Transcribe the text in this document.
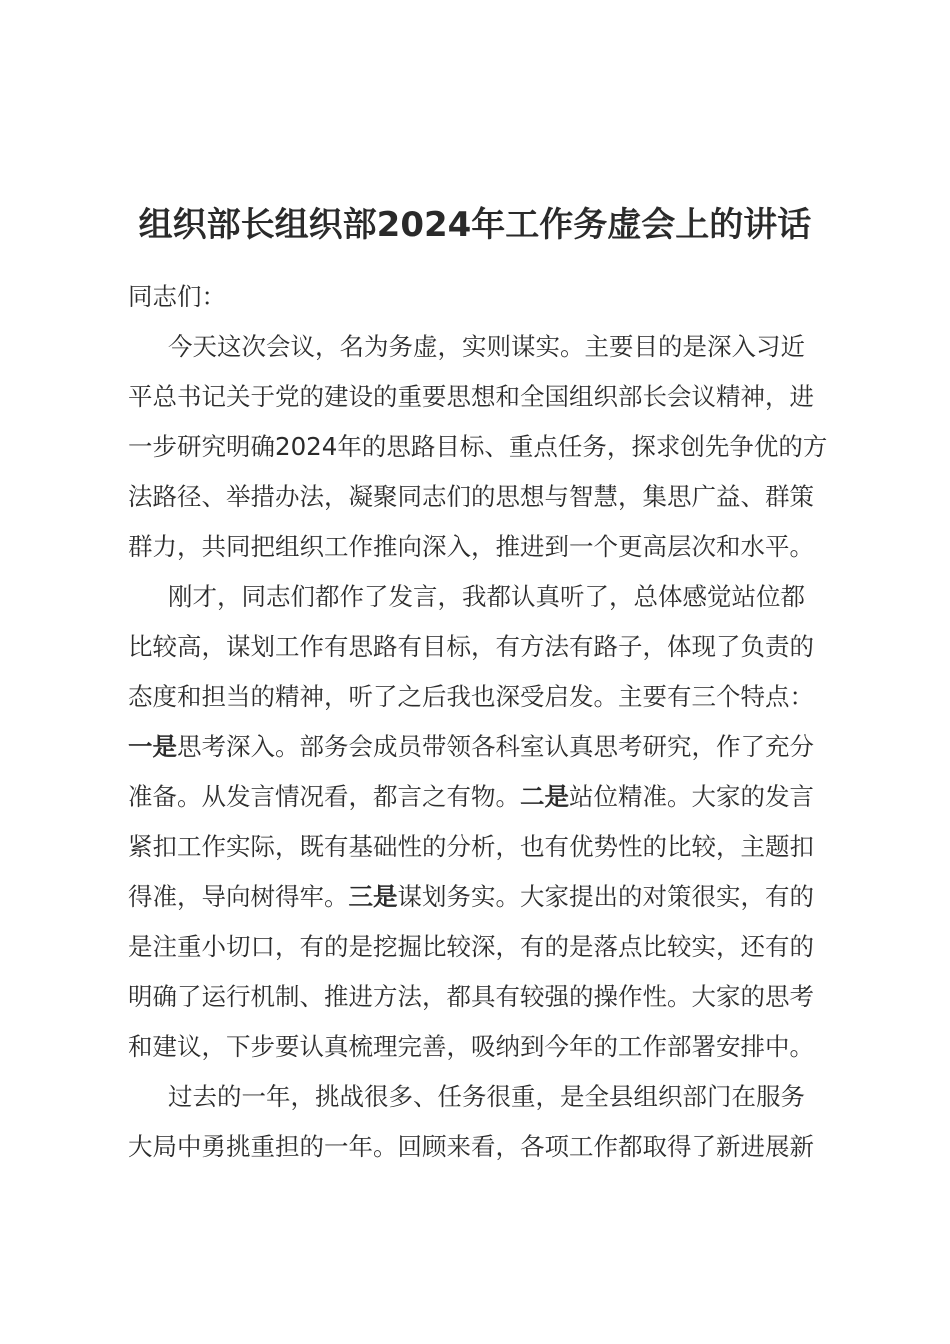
组织部长组织部2024年工作务虚会上的讲话
同志们：
今天这次会议，名为务虚，实则谋实。主要目的是深入习近
平总书记关于党的建设的重要思想和全国组织部长会议精神，进
一步研究明确2024年的思路目标、重点任务，探求创先争优的方
法路径、举措办法，凝聚同志们的思想与智慧，集思广益、群策
群力，共同把组织工作推向深入，推进到一个更高层次和水平。
刚才，同志们都作了发言，我都认真听了，总体感觉站位都
比较高，谋划工作有思路有目标，有方法有路子，体现了负责的
态度和担当的精神，听了之后我也深受启发。主要有三个特点：
一是思考深入。部务会成员带领各科室认真思考研究，作了充分
准备。从发言情况看，都言之有物。二是站位精准。大家的发言
紧扣工作实际，既有基础性的分析，也有优势性的比较，主题扣
得准，导向树得牢。三是谋划务实。大家提出的对策很实，有的
是注重小切口，有的是挖掘比较深，有的是落点比较实，还有的
明确了运行机制、推进方法，都具有较强的操作性。大家的思考
和建议，下步要认真梳理完善，吸纳到今年的工作部署安排中。
过去的一年，挑战很多、任务很重，是全县组织部门在服务
大局中勇挑重担的一年。回顾来看，各项工作都取得了新进展新
